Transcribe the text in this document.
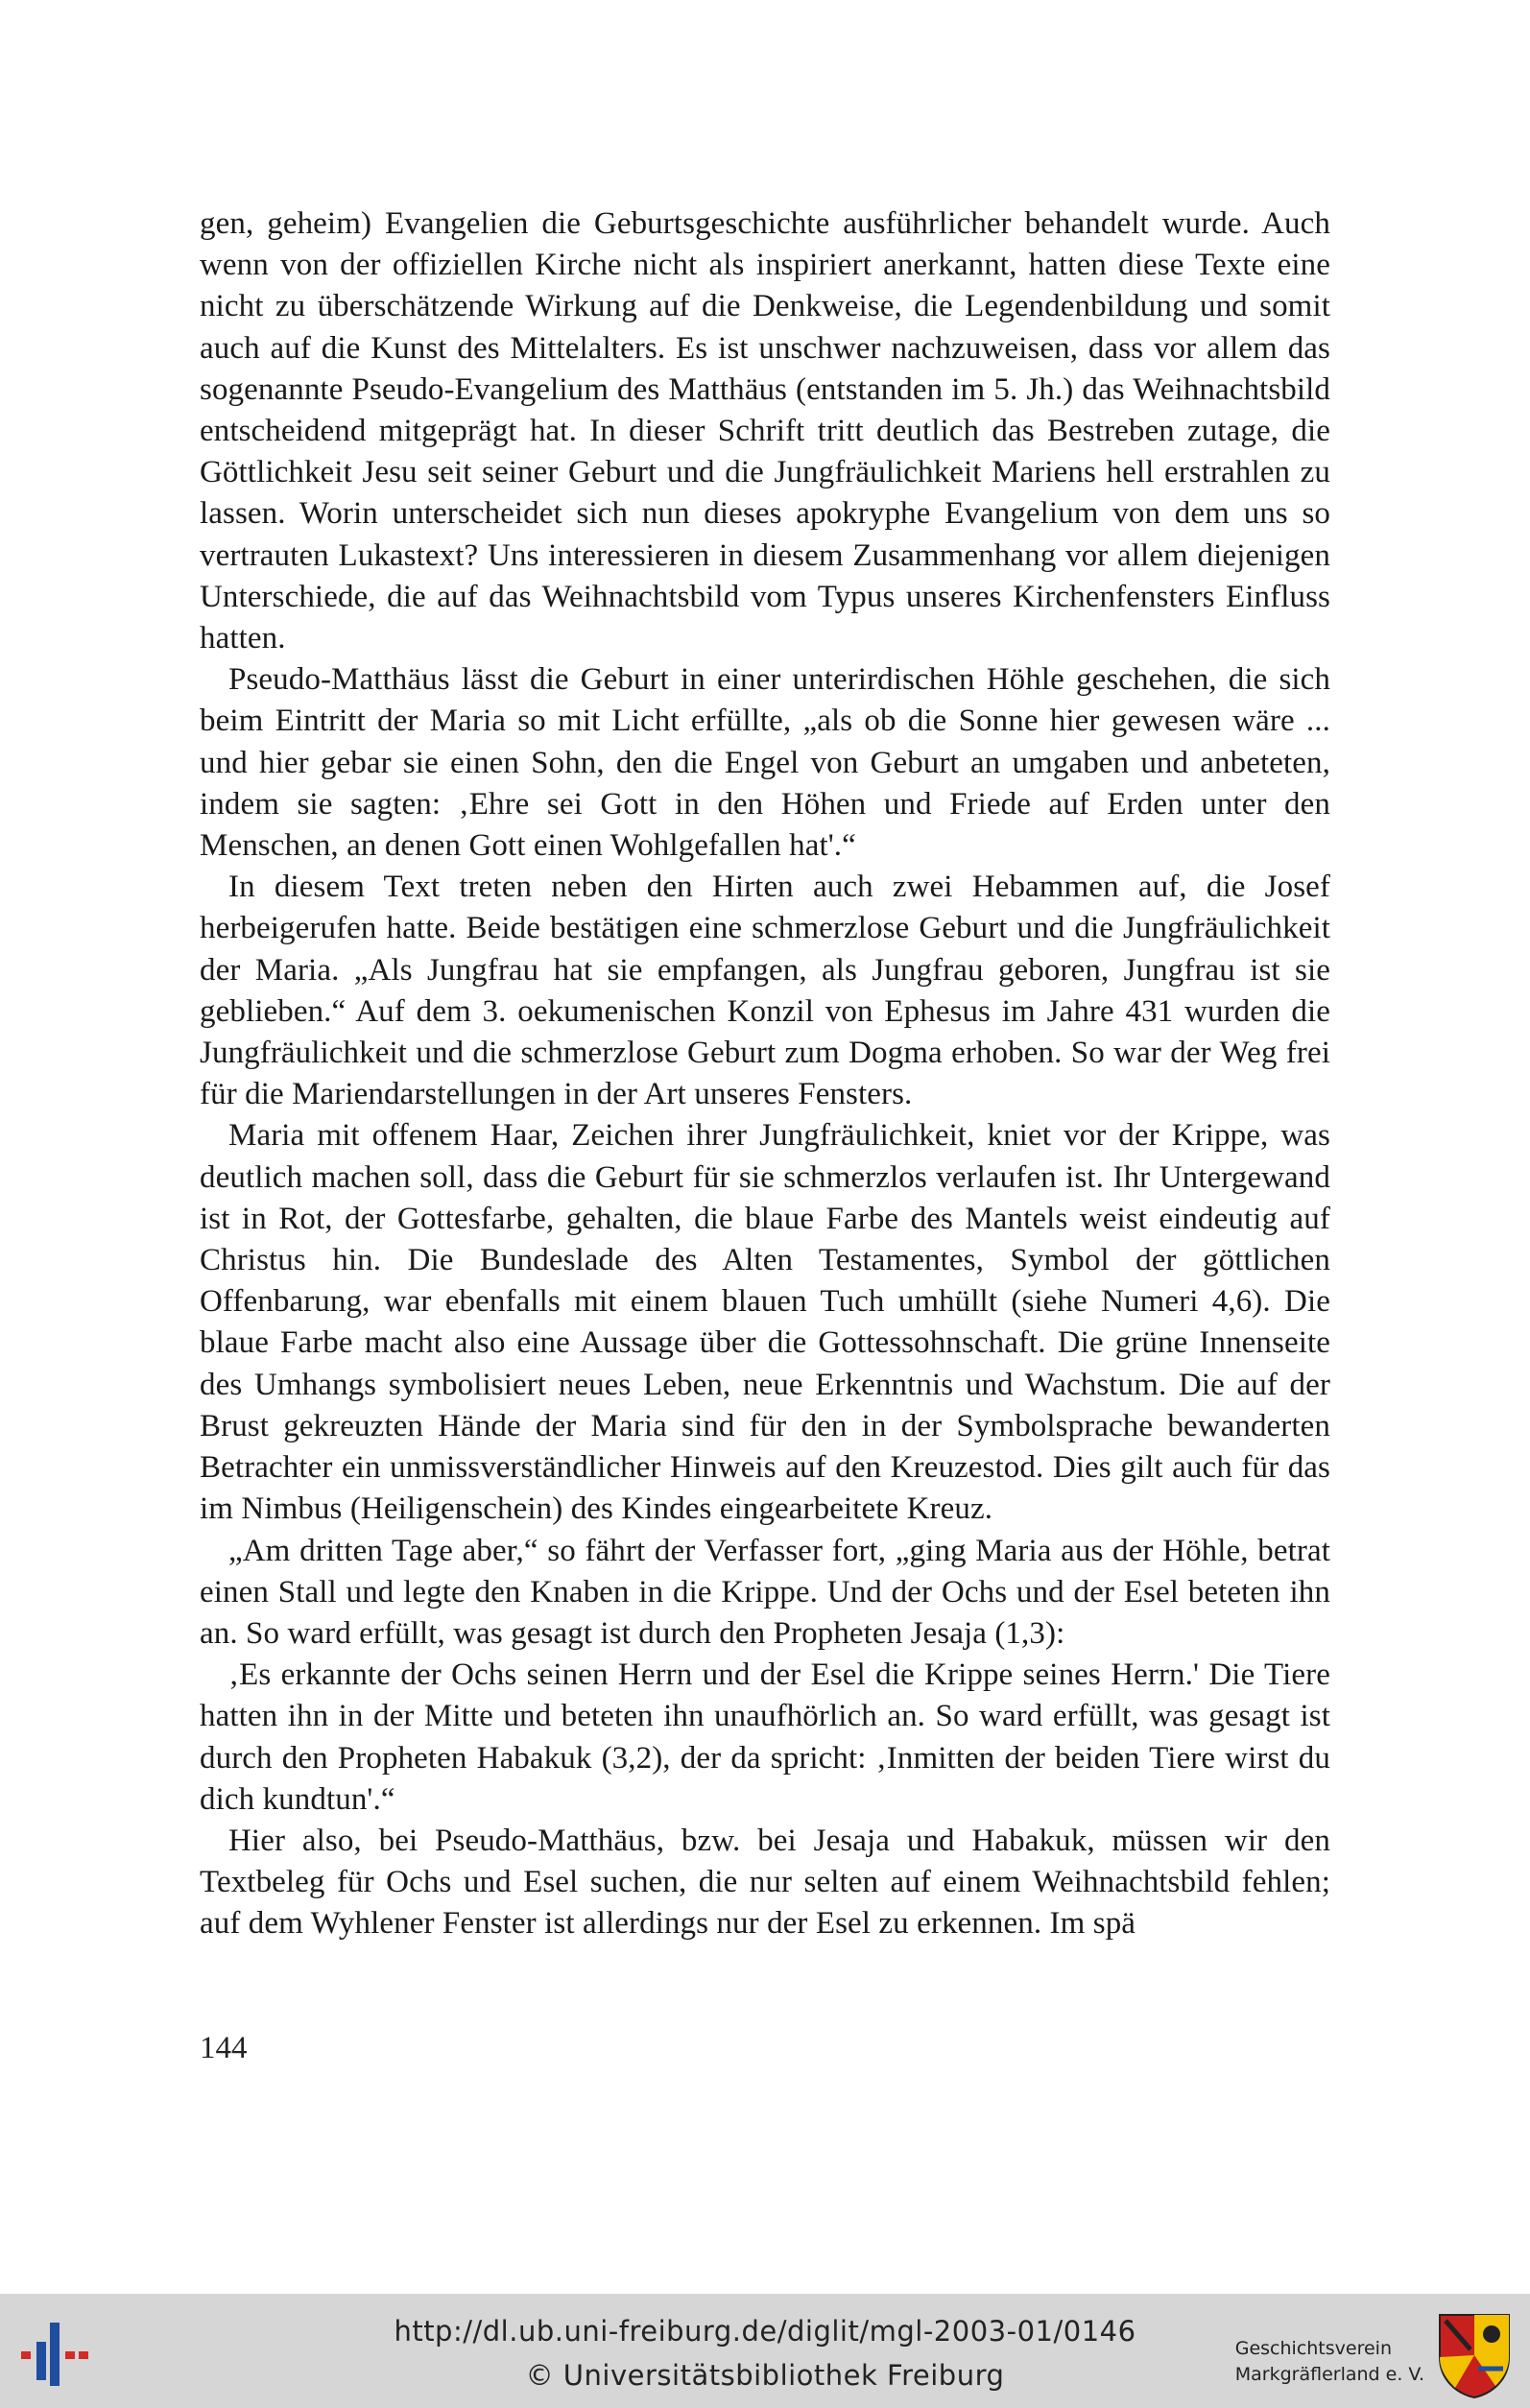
gen, geheim) Evangelien die Geburtsgeschichte ausführlicher behandelt wurde. Auch wenn von der offiziellen Kirche nicht als inspiriert anerkannt, hatten diese Texte eine nicht zu überschätzende Wirkung auf die Denkweise, die Legendenbildung und somit auch auf die Kunst des Mittelalters. Es ist unschwer nachzuweisen, dass vor allem das sogenannte Pseudo-Evangelium des Matthäus (entstanden im 5. Jh.) das Weihnachtsbild entscheidend mitgeprägt hat. In dieser Schrift tritt deutlich das Bestreben zutage, die Göttlichkeit Jesu seit seiner Geburt und die Jungfräulichkeit Mariens hell erstrahlen zu lassen. Worin unterscheidet sich nun dieses apokryphe Evangelium von dem uns so vertrauten Lukastext? Uns interessieren in diesem Zusammenhang vor allem diejenigen Unterschiede, die auf das Weihnachtsbild vom Typus unseres Kirchenfensters Einfluss hatten.

Pseudo-Matthäus lässt die Geburt in einer unterirdischen Höhle geschehen, die sich beim Eintritt der Maria so mit Licht erfüllte, „als ob die Sonne hier gewesen wäre ... und hier gebar sie einen Sohn, den die Engel von Geburt an umgaben und anbeteten, indem sie sagten: ‚Ehre sei Gott in den Höhen und Friede auf Erden unter den Menschen, an denen Gott einen Wohlgefallen hat'.“

In diesem Text treten neben den Hirten auch zwei Hebammen auf, die Josef herbeigerufen hatte. Beide bestätigen eine schmerzlose Geburt und die Jungfräulichkeit der Maria. „Als Jungfrau hat sie empfangen, als Jungfrau geboren, Jungfrau ist sie geblieben.“ Auf dem 3. oekumenischen Konzil von Ephesus im Jahre 431 wurden die Jungfräulichkeit und die schmerzlose Geburt zum Dogma erhoben. So war der Weg frei für die Mariendarstellungen in der Art unseres Fensters.

Maria mit offenem Haar, Zeichen ihrer Jungfräulichkeit, kniet vor der Krippe, was deutlich machen soll, dass die Geburt für sie schmerzlos verlaufen ist. Ihr Untergewand ist in Rot, der Gottesfarbe, gehalten, die blaue Farbe des Mantels weist eindeutig auf Christus hin. Die Bundeslade des Alten Testamentes, Symbol der göttlichen Offenbarung, war ebenfalls mit einem blauen Tuch umhüllt (siehe Numeri 4,6). Die blaue Farbe macht also eine Aussage über die Gottessohnschaft. Die grüne Innenseite des Umhangs symbolisiert neues Leben, neue Erkenntnis und Wachstum. Die auf der Brust gekreuzten Hände der Maria sind für den in der Symbolsprache bewanderten Betrachter ein unmissverständlicher Hinweis auf den Kreuzestod. Dies gilt auch für das im Nimbus (Heiligenschein) des Kindes eingearbeitete Kreuz.

„Am dritten Tage aber,“ so fährt der Verfasser fort, „ging Maria aus der Höhle, betrat einen Stall und legte den Knaben in die Krippe. Und der Ochs und der Esel beteten ihn an. So ward erfüllt, was gesagt ist durch den Propheten Jesaja (1,3):

‚Es erkannte der Ochs seinen Herrn und der Esel die Krippe seines Herrn.' Die Tiere hatten ihn in der Mitte und beteten ihn unaufhörlich an. So ward erfüllt, was gesagt ist durch den Propheten Habakuk (3,2), der da spricht: ‚Inmitten der beiden Tiere wirst du dich kundtun'.“

Hier also, bei Pseudo-Matthäus, bzw. bei Jesaja und Habakuk, müssen wir den Textbeleg für Ochs und Esel suchen, die nur selten auf einem Weihnachtsbild fehlen; auf dem Wyhlener Fenster ist allerdings nur der Esel zu erkennen. Im spä

144
http://dl.ub.uni-freiburg.de/diglit/mgl-2003-01/0146
© Universitätsbibliothek Freiburg
Geschichtsverein
Markgräflerland e. V.
